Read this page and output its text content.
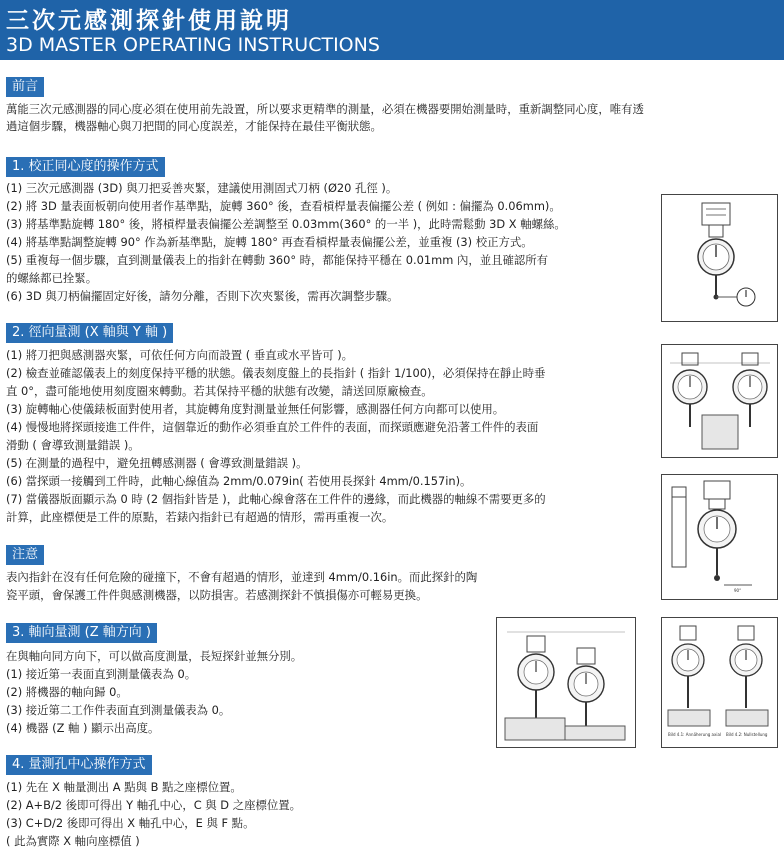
三次元感測探針使用說明
3D MASTER OPERATING INSTRUCTIONS
前言
萬能三次元感測器的同心度必須在使用前先設置，所以要求更精準的測量，必須在機器要開始測量時，重新調整同心度，唯有透
過這個步驟，機器軸心與刀把間的同心度誤差，才能保持在最佳平衡狀態。
1. 校正同心度的操作方式
(1) 三次元感測器 (3D) 與刀把妥善夾緊，建議使用測固式刀柄 (Ø20 孔徑 )。
(2) 將 3D 量表面板朝向使用者作基準點，旋轉 360° 後，查看槓桿量表偏擺公差 ( 例如 : 偏擺為 0.06mm)。
(3) 將基準點旋轉 180° 後，將槓桿量表偏擺公差調整至 0.03mm(360° 的一半 )，此時需鬆動 3D X 軸螺絲。
(4) 將基準點調整旋轉 90° 作為新基準點，旋轉 180° 再查看槓桿量表偏擺公差，並重複 (3) 校正方式。
(5) 重複每一個步驟，直到測量儀表上的指針在轉動 360° 時，都能保持平穩在 0.01mm 內，並且確認所有
的螺絲都已拴緊。
(6) 3D 與刀柄偏擺固定好後，請勿分離，否則下次夾緊後，需再次調整步驟。
2. 徑向量測 (X 軸與 Y 軸 )
(1) 將刀把與感測器夾緊，可依任何方向而設置 ( 垂直或水平皆可 )。
(2) 檢查並確認儀表上的刻度保持平穩的狀態。儀表刻度盤上的長指針 ( 指針 1/100)，必須保持在靜止時垂
直 0°，盡可能地使用刻度圈來轉動。若其保持平穩的狀態有改變，請送回原廠檢查。
(3) 旋轉軸心使儀錶板面對使用者，其旋轉角度對測量並無任何影響，感測器任何方向都可以使用。
(4) 慢慢地將探頭接進工件件，這個靠近的動作必須垂直於工件件的表面，而探頭應避免沿著工件件的表面
滑動 ( 會導致測量錯誤 )。
(5) 在測量的過程中，避免扭轉感測器 ( 會導致測量錯誤 )。
(6) 當探頭一接觸到工件時，此軸心線值為 2mm/0.079in( 若使用長探針 4mm/0.157in)。
(7) 當儀器版面顯示為 0 時 (2 個指針皆是 )，此軸心線會落在工件件的邊緣，而此機器的軸線不需要更多的
計算，此座標便是工件的原點，若錶內指針已有超過的情形，需再重複一次。
注意
表內指針在沒有任何危險的碰撞下，不會有超過的情形，並達到 4mm/0.16in。而此探針的陶
瓷平頭，會保護工件件與感測機器，以防損害。若感測探針不慎損傷亦可輕易更換。
3. 軸向量測 (Z 軸方向 )
在與軸向同方向下，可以做高度測量，長短探針並無分別。
(1) 接近第一表面直到測量儀表為 0。
(2) 將機器的軸向歸 0。
(3) 接近第二工作件表面直到測量儀表為 0。
(4) 機器 (Z 軸 ) 顯示出高度。
4. 量測孔中心操作方式
(1) 先在 X 軸量測出 A 點與 B 點之座標位置。
(2) A+B/2 後即可得出 Y 軸孔中心，C 與 D 之座標位置。
(3) C+D/2 後即可得出 X 軸孔中心，E 與 F 點。
( 此為實際 X 軸向座標值 )
90°
Bild 4.1: Annäherung axial Bild 4.2: Nullstellung
